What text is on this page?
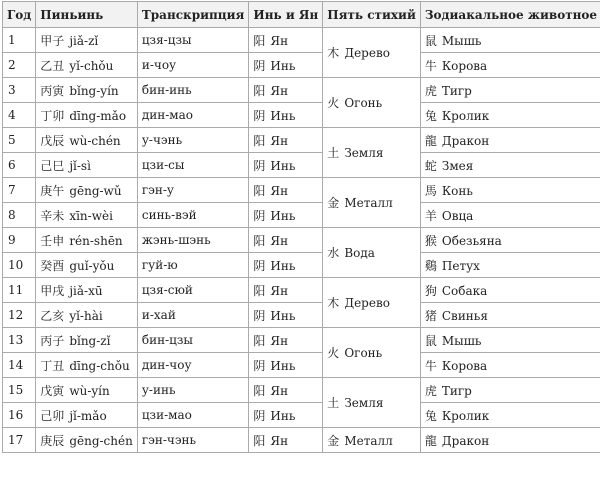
Год	Пиньинь	Транскрипция	Инь и Ян	Пять стихий	Зодиакальное животное
1	甲子 jiǎ-zǐ	цзя-цзы	阳 Ян	木 Дерево	鼠 Мышь
2	乙丑 yǐ-chǒu	и-чоу	阴 Инь		牛 Корова
3	丙寅 bǐng-yín	бин-инь	阳 Ян	火 Огонь	虎 Тигр
4	丁卯 dīng-mǎo	дин-мао	阴 Инь		兔 Кролик
5	戊辰 wù-chén	у-чэнь	阳 Ян	土 Земля	龍 Дракон
6	己巳 jǐ-sì	цзи-сы	阴 Инь		蛇 Змея
7	庚午 gēng-wǔ	гэн-у	阳 Ян	金 Металл	馬 Конь
8	辛未 xīn-wèi	синь-вэй	阴 Инь		羊 Овца
9	壬申 rén-shēn	жэнь-шэнь	阳 Ян	水 Вода	猴 Обезьяна
10	癸酉 guǐ-yǒu	гуй-ю	阴 Инь		鷄 Петух
11	甲戌 jiǎ-xū	цзя-сюй	阳 Ян	木 Дерево	狗 Собака
12	乙亥 yǐ-hài	и-хай	阴 Инь		猪 Свинья
13	丙子 bǐng-zǐ	бин-цзы	阳 Ян	火 Огонь	鼠 Мышь
14	丁丑 dīng-chǒu	дин-чоу	阴 Инь		牛 Корова
15	戊寅 wù-yín	у-инь	阳 Ян	土 Земля	虎 Тигр
16	己卯 jǐ-mǎo	цзи-мао	阴 Инь		兔 Кролик
17	庚辰 gēng-chén	гэн-чэнь	阳 Ян	金 Металл	龍 Дракон
